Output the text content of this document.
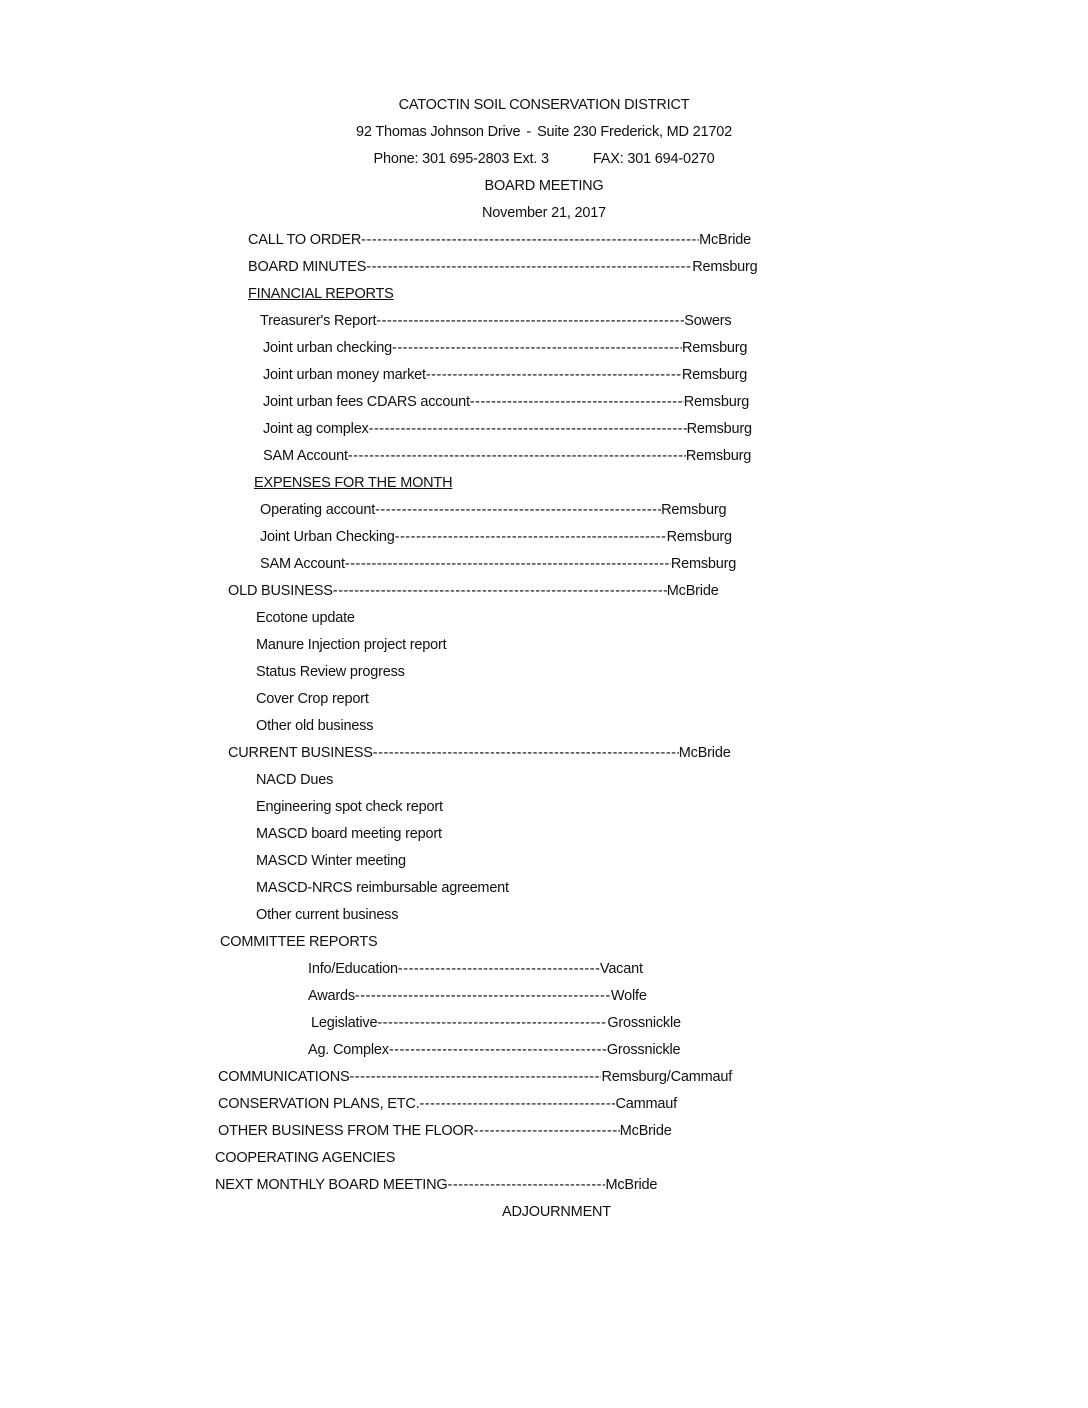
CATOCTIN SOIL CONSERVATION DISTRICT
92 Thomas Johnson Drive - Suite 230 Frederick, MD 21702
Phone: 301 695-2803 Ext. 3	FAX: 301 694-0270
BOARD MEETING
November 21, 2017
CALL TO ORDER -----	McBride
BOARD MINUTES -----	Remsburg
FINANCIAL REPORTS
Treasurer's Report -----	Sowers
Joint urban checking -----	Remsburg
Joint urban money market -----	Remsburg
Joint urban fees CDARS account -----	Remsburg
Joint ag complex -----	Remsburg
SAM Account -----	Remsburg
EXPENSES FOR THE MONTH
Operating account -----	Remsburg
Joint Urban Checking -----	Remsburg
SAM Account -----	Remsburg
OLD BUSINESS -----	McBride
Ecotone update
Manure Injection project report
Status Review progress
Cover Crop report
Other old business
CURRENT BUSINESS -----	McBride
NACD Dues
Engineering spot check report
MASCD board meeting report
MASCD Winter meeting
MASCD-NRCS reimbursable agreement
Other current business
COMMITTEE REPORTS
Info/Education -----	Vacant
Awards -----	Wolfe
Legislative -----	Grossnickle
Ag. Complex -----	Grossnickle
COMMUNICATIONS -----	Remsburg/Cammauf
CONSERVATION PLANS, ETC. -----	Cammauf
OTHER BUSINESS FROM THE FLOOR -----	McBride
COOPERATING AGENCIES
NEXT MONTHLY BOARD MEETING -----	McBride
ADJOURNMENT
